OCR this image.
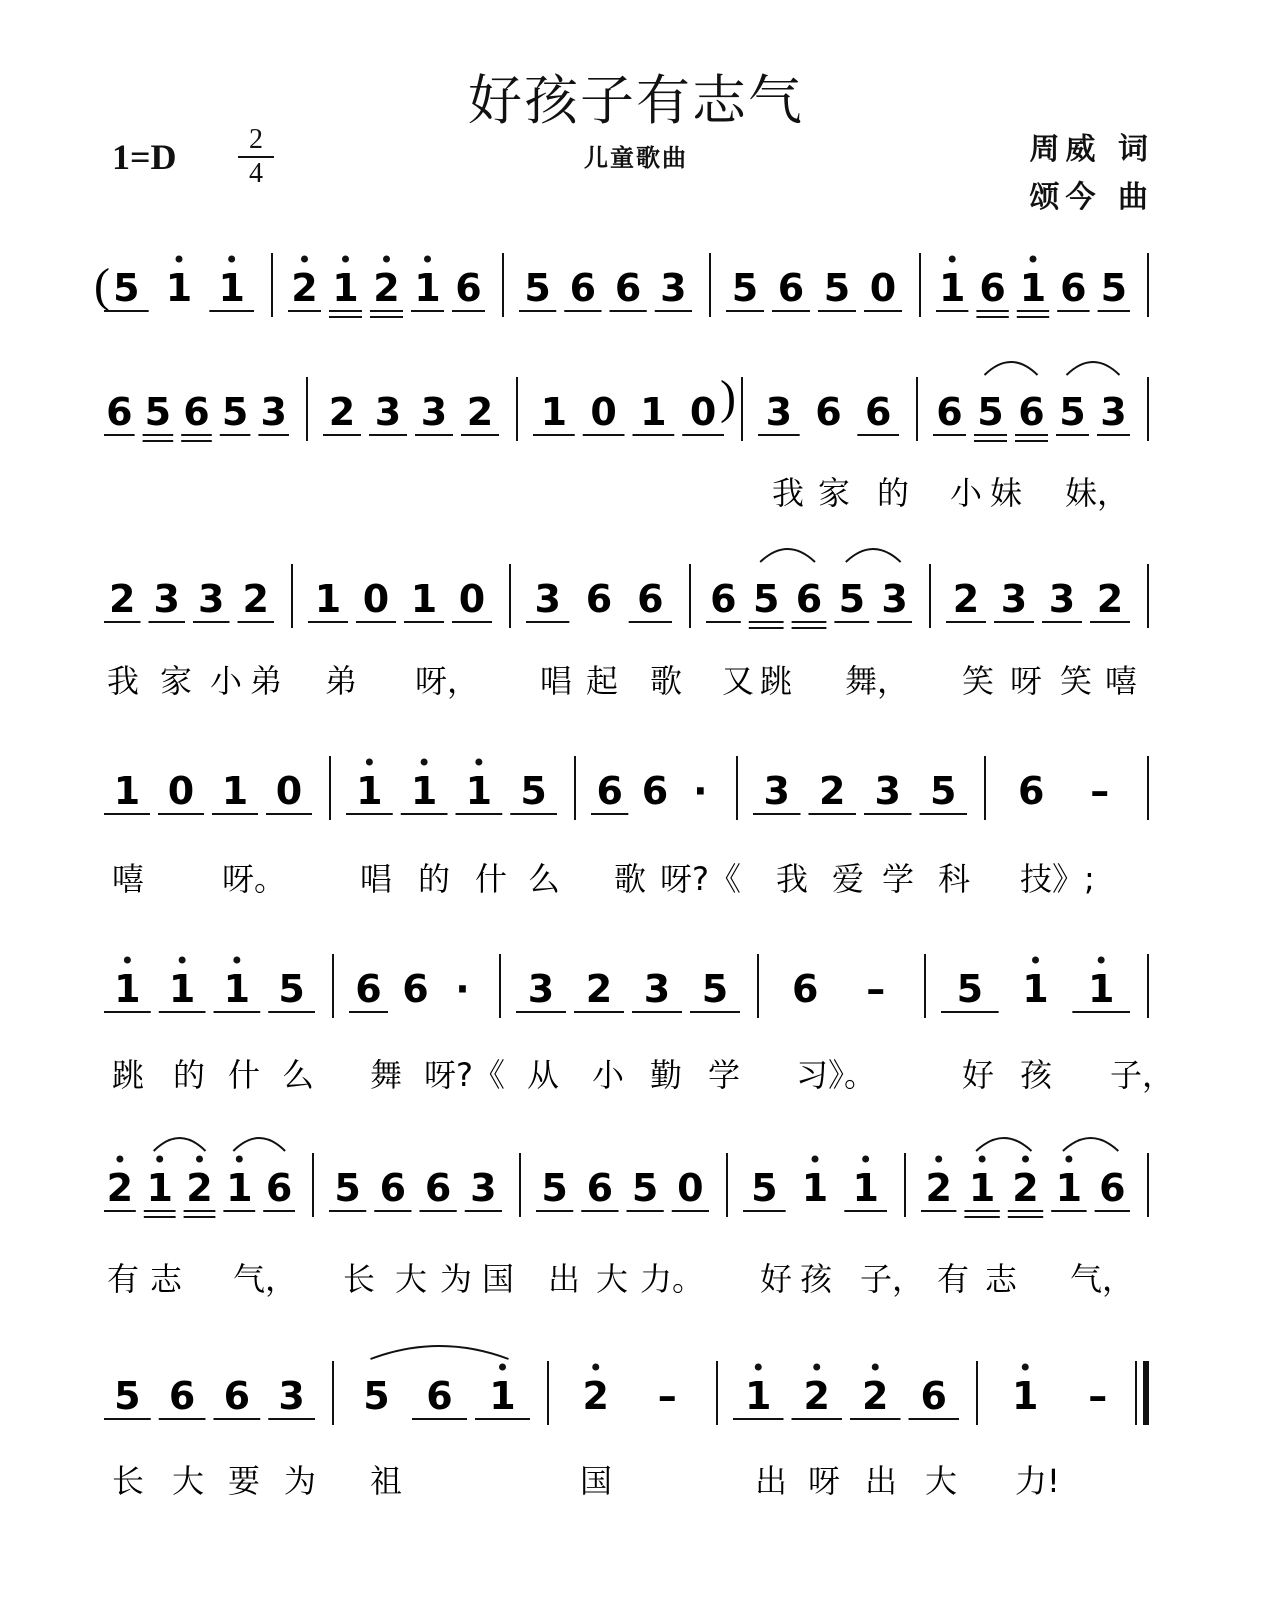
好孩子有志气
1=D	2
4	儿童歌曲	周威 词
颂今 曲
( 5 1 1 2 1 2 1 6 5 6 6 3 5 6 5 0 1 6 1 6 5
6 5 6 5 3 2 3 3 2 1 0 1 0 ) 3 6 6 6 5 6 5 3
我 家 的 小 妹 妹，
2 3 3 2 1 0 1 0 3 6 6 6 5 6 5 3 2 3 3 2
我 家 小 弟 弟 呀， 唱 起 歌 又 跳 舞， 笑 呀 笑 嘻
1 0 1 0 1 1 1 5 6 6 · 3 2 3 5 6 –
嘻 呀。 唱 的 什 么 歌 呀?《 我 爱 学 科 技》;
1 1 1 5 6 6 · 3 2 3 5 6 – 5 1 1
跳 的 什 么 舞 呀?《 从 小 勤 学 习》。	好 孩 子，
2 1 2 1 6 5 6 6 3 5 6 5 0 5 1 1 2 1 2 1 6
有 志 气， 长 大 为 国 出 大 力。 好 孩 子， 有 志 气，
5 6 6 3 5 6 1 2 – 1 2 2 6 1 –
长 大 要 为 祖	国	出 呀 出 大 力!
